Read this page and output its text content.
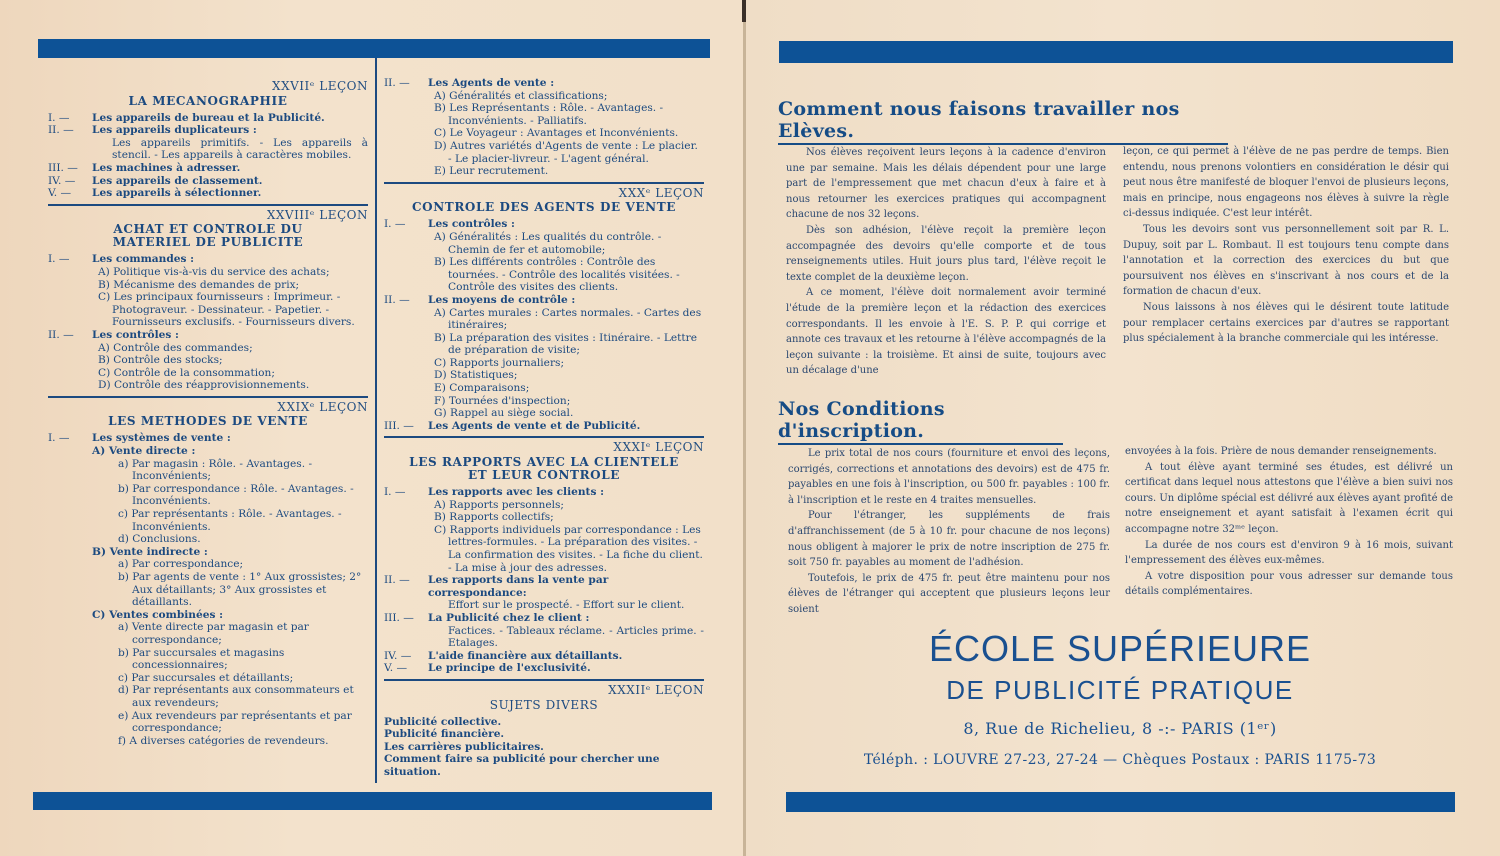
XXVIIᵉ LEÇON
LA MECANOGRAPHIE
I. —	Les appareils de bureau et la Publicité.
II. —	Les appareils duplicateurs :
Les appareils primitifs. - Les appareils à stencil. - Les appareils à caractères mobiles.
III. —	Les machines à adresser.
IV. —	Les appareils de classement.
V. —	Les appareils à sélectionner.
XXVIIIᵉ LEÇON
ACHAT ET CONTROLE DU MATERIEL DE PUBLICITE
I. —	Les commandes :
A) Politique vis-à-vis du service des achats;
B) Mécanisme des demandes de prix;
C) Les principaux fournisseurs : Imprimeur. - Photograveur. - Dessinateur. - Papetier. - Fournisseurs exclusifs. - Fournisseurs divers.
II. —	Les contrôles :
A) Contrôle des commandes;
B) Contrôle des stocks;
C) Contrôle de la consommation;
D) Contrôle des réapprovisionnements.
XXIXᵉ LEÇON
LES METHODES DE VENTE
I. —	Les systèmes de vente :
A) Vente directe :
a) Par magasin : Rôle. - Avantages. - Inconvénients;
b) Par correspondance : Rôle. - Avantages. - Inconvénients.
c) Par représentants : Rôle. - Avantages. - Inconvénients.
d) Conclusions.
B) Vente indirecte :
a) Par correspondance;
b) Par agents de vente : 1° Aux grossistes; 2° Aux détaillants; 3° Aux grossistes et détaillants.
C) Ventes combinées :
a) Vente directe par magasin et par correspondance;
b) Par succursales et magasins concessionnaires;
c) Par succursales et détaillants;
d) Par représentants aux consommateurs et aux revendeurs;
e) Aux revendeurs par représentants et par correspondance;
f) A diverses catégories de revendeurs.
II. —	Les Agents de vente :
A) Généralités et classifications;
B) Les Représentants : Rôle. - Avantages. - Inconvénients. - Palliatifs.
C) Le Voyageur : Avantages et Inconvénients.
D) Autres variétés d'Agents de vente : Le placier. - Le placier-livreur. - L'agent général.
E) Leur recrutement.
XXXᵉ LEÇON
CONTROLE DES AGENTS DE VENTE
I. —	Les contrôles :
A) Généralités : Les qualités du contrôle. - Chemin de fer et automobile;
B) Les différents contrôles : Contrôle des tournées. - Contrôle des localités visitées. - Contrôle des visites des clients.
II. —	Les moyens de contrôle :
A) Cartes murales : Cartes normales. - Cartes des itinéraires;
B) La préparation des visites : Itinéraire. - Lettre de préparation de visite;
C) Rapports journaliers;
D) Statistiques;
E) Comparaisons;
F) Tournées d'inspection;
G) Rappel au siège social.
III. —	Les Agents de vente et de Publicité.
XXXIᵉ LEÇON
LES RAPPORTS AVEC LA CLIENTELE ET LEUR CONTROLE
I. —	Les rapports avec les clients :
A) Rapports personnels;
B) Rapports collectifs;
C) Rapports individuels par correspondance : Les lettres-formules. - La préparation des visites. - La confirmation des visites. - La fiche du client. - La mise à jour des adresses.
II. —	Les rapports dans la vente par correspondance:
Effort sur le prospecté. - Effort sur le client.
III. —	La Publicité chez le client :
Factices. - Tableaux réclame. - Articles prime. - Etalages.
IV. —	L'aide financière aux détaillants.
V. —	Le principe de l'exclusivité.
XXXIIᵉ LEÇON
SUJETS DIVERS
Publicité collective.
Publicité financière.
Les carrières publicitaires.
Comment faire sa publicité pour chercher une situation.
Comment nous faisons travailler nos Elèves.

Nos élèves reçoivent leurs leçons à la cadence d'environ une par semaine. Mais les délais dépendent pour une large part de l'empressement que met chacun d'eux à faire et à nous retourner les exercices pratiques qui accompagnent chacune de nos 32 leçons.

Dès son adhésion, l'élève reçoit la première leçon accompagnée des devoirs qu'elle comporte et de tous renseignements utiles. Huit jours plus tard, l'élève reçoit le texte complet de la deuxième leçon.

A ce moment, l'élève doit normalement avoir terminé l'étude de la première leçon et la rédaction des exercices correspondants. Il les envoie à l'E. S. P. P. qui corrige et annote ces travaux et les retourne à l'élève accompagnés de la leçon suivante : la troisième. Et ainsi de suite, toujours avec un décalage d'une

leçon, ce qui permet à l'élève de ne pas perdre de temps. Bien entendu, nous prenons volontiers en considération le désir qui peut nous être manifesté de bloquer l'envoi de plusieurs leçons, mais en principe, nous engageons nos élèves à suivre la règle ci-dessus indiquée. C'est leur intérêt.

Tous les devoirs sont vus personnellement soit par R. L. Dupuy, soit par L. Rombaut. Il est toujours tenu compte dans l'annotation et la correction des exercices du but que poursuivent nos élèves en s'inscrivant à nos cours et de la formation de chacun d'eux.

Nous laissons à nos élèves qui le désirent toute latitude pour remplacer certains exercices par d'autres se rapportant plus spécialement à la branche commerciale qui les intéresse.

Nos Conditions d'inscription.

Le prix total de nos cours (fourniture et envoi des leçons, corrigés, corrections et annotations des devoirs) est de 475 fr. payables en une fois à l'inscription, ou 500 fr. payables : 100 fr. à l'inscription et le reste en 4 traites mensuelles.

Pour l'étranger, les suppléments de frais d'affranchissement (de 5 à 10 fr. pour chacune de nos leçons) nous obligent à majorer le prix de notre inscription de 275 fr. soit 750 fr. payables au moment de l'adhésion.

Toutefois, le prix de 475 fr. peut être maintenu pour nos élèves de l'étranger qui acceptent que plusieurs leçons leur soient

envoyées à la fois. Prière de nous demander renseignements.

A tout élève ayant terminé ses études, est délivré un certificat dans lequel nous attestons que l'élève a bien suivi nos cours. Un diplôme spécial est délivré aux élèves ayant profité de notre enseignement et ayant satisfait à l'examen écrit qui accompagne notre 32ᵐᵉ leçon.

La durée de nos cours est d'environ 9 à 16 mois, suivant l'empressement des élèves eux-mêmes.

A votre disposition pour vous adresser sur demande tous détails complémentaires.

ÉCOLE SUPÉRIEURE
DE PUBLICITÉ PRATIQUE
8, Rue de Richelieu, 8 -:- PARIS (1ᵉʳ)
Téléph. : LOUVRE 27-23, 27-24 — Chèques Postaux : PARIS 1175-73
